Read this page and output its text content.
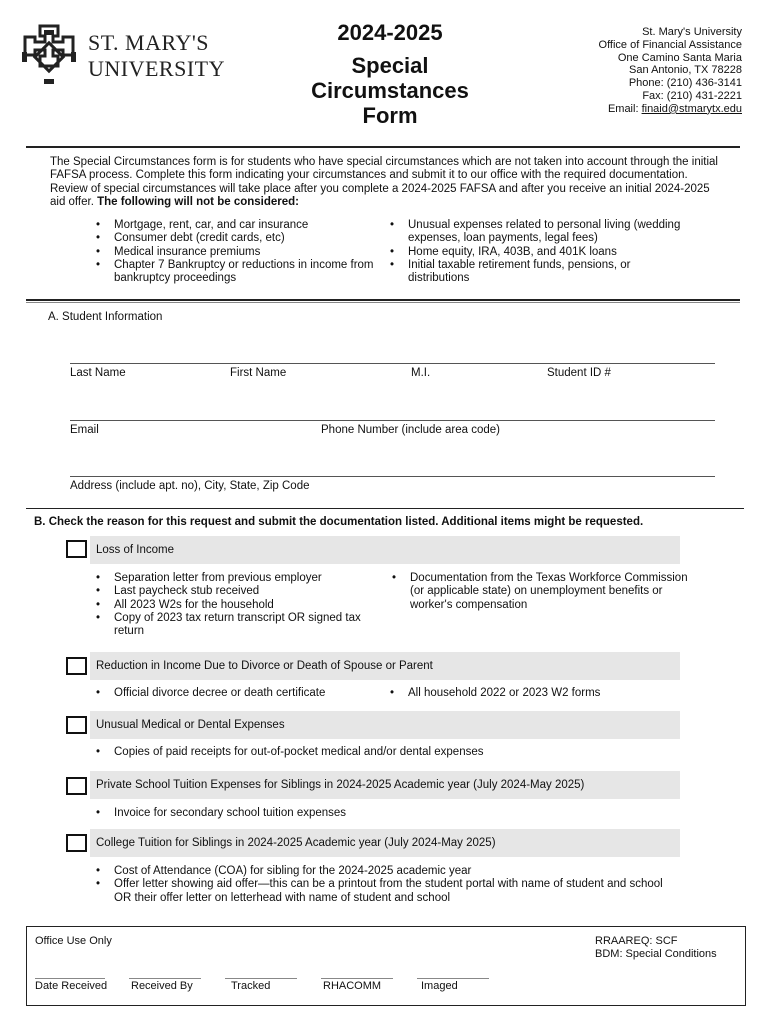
ST. MARY'S
UNIVERSITY
2024-2025
Special
Circumstances
Form
St. Mary's University
Office of Financial Assistance
One Camino Santa Maria
San Antonio, TX 78228
Phone: (210) 436-3141
Fax: (210) 431-2221
Email: finaid@stmarytx.edu
The Special Circumstances form is for students who have special circumstances which are not taken into account through the initial FAFSA process. Complete this form indicating your circumstances and submit it to our office with the required documentation. Review of special circumstances will take place after you complete a 2024-2025 FAFSA and after you receive an initial 2024-2025 aid offer. The following will not be considered:
• Mortgage, rent, car, and car insurance
• Consumer debt (credit cards, etc)
• Medical insurance premiums
• Chapter 7 Bankruptcy or reductions in income from bankruptcy proceedings
• Unusual expenses related to personal living (wedding expenses, loan payments, legal fees)
• Home equity, IRA, 403B, and 401K loans
• Initial taxable retirement funds, pensions, or distributions
A. Student Information
Last Name	First Name	M.I.	Student ID #
Email	Phone Number (include area code)
Address (include apt. no), City, State, Zip Code
B. Check the reason for this request and submit the documentation listed. Additional items might be requested.
Loss of Income
• Separation letter from previous employer
• Last paycheck stub received
• All 2023 W2s for the household
• Copy of 2023 tax return transcript OR signed tax return
• Documentation from the Texas Workforce Commission (or applicable state) on unemployment benefits or worker's compensation
Reduction in Income Due to Divorce or Death of Spouse or Parent
• Official divorce decree or death certificate
•	All household 2022 or 2023 W2 forms
Unusual Medical or Dental Expenses
• Copies of paid receipts for out-of-pocket medical and/or dental expenses
Private School Tuition Expenses for Siblings in 2024-2025 Academic year (July 2024-May 2025)
• Invoice for secondary school tuition expenses
College Tuition for Siblings in 2024-2025 Academic year (July 2024-May 2025)
• Cost of Attendance (COA) for sibling for the 2024-2025 academic year
• Offer letter showing aid offer—this can be a printout from the student portal with name of student and school OR their offer letter on letterhead with name of student and school
Office Use Only	RRAAREQ: SCF
BDM: Special Conditions
Date Received Received By	Tracked	RHACOMM	Imaged
